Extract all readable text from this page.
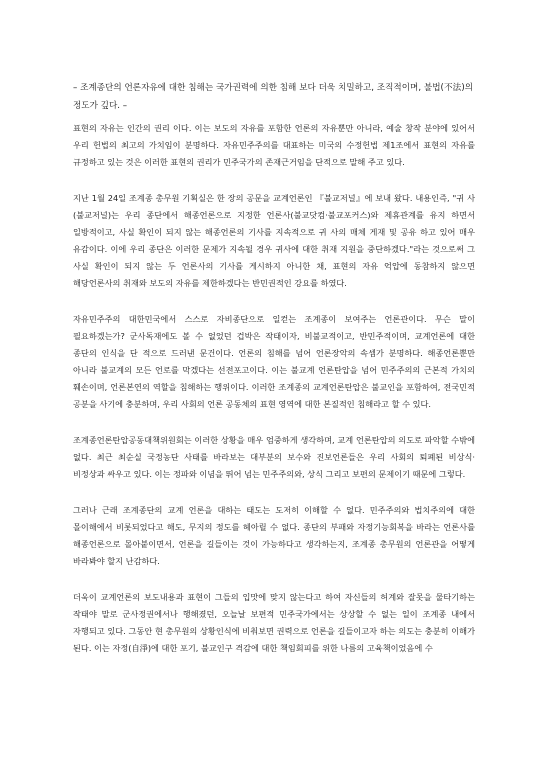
– 조계종단의 언론자유에 대한 침해는 국가권력에 의한 침해 보다 더욱 치밀하고, 조직적이며, 불법(不法)의 정도가 깊다. –

표현의 자유는 인간의 권리 이다. 이는 보도의 자유를 포함한 언론의 자유뿐만 아니라, 예술 창작 분야에 있어서 우리 헌법의 최고의 가치임이 분명하다. 자유민주주의를 대표하는 미국의 수정헌법 제1조에서 표현의 자유를 규정하고 있는 것은 이러한 표현의 권리가 민주국가의 존재근거임을 단적으로 말해 주고 있다.

지난 1월 24일 조계종 총무원 기획실은 한 장의 공문을 교계언론인 『불교저널』에 보내 왔다. 내용인즉, "귀 사(불교저널)는 우리 종단에서 해종언론으로 지정한 언론사(불교닷컴·불교포커스)와 제휴관계를 유지 하면서 일방적이고, 사실 확인이 되지 않는 해종언론의 기사를 지속적으로 귀 사의 매체 게재 및 공유 하고 있어 매우 유감이다. 이에 우리 종단은 이러한 문제가 지속될 경우 귀사에 대한 취재 지원을 중단하겠다."라는 것으로써 그 사실 확인이 되지 않는 두 언론사의 기사를 게시하지 아니한 채, 표현의 자유 억압에 동참하지 않으면 해당언론사의 취재와 보도의 자유를 제한하겠다는 반민권적인 강요를 하였다.

자유민주주의 대한민국에서 스스로 자비종단으로 일컫는 조계종이 보여주는 언론관이다. 무슨 말이 필요하겠는가? 군사독재에도 볼 수 없었던 겁박은 작태이자, 비불교적이고, 반민주적이며, 교계언론에 대한 종단의 인식을 단 적으로 드러낸 문건이다. 언론의 침해를 넘어 언론장악의 속셈가 분명하다. 해종언론뿐만 아니라 불교계의 모든 언로를 막겠다는 선전포고이다. 이는 불교계 언론탄압을 넘어 민주주의의 근본적 가치의 훼손이며, 언론본연의 역할을 침해하는 행위이다. 이러한 조계종의 교계언론탄압은 불교인을 포함하여, 전국민적 공분을 사기에 충분하며, 우리 사회의 언론 공동체의 표현 영역에 대한 본질적인 침해라고 할 수 있다.

조계종언론탄압공동대책위원회는 이러한 상황을 매우 엄중하게 생각하며, 교계 언론탄압의 의도로 파악할 수밖에 없다. 최근 최순실 국정농단 사태를 바라보는 대부분의 보수와 진보언론들은 우리 사회의 퇴폐된 비상식· 비정상과 싸우고 있다. 이는 정파와 이념을 뛰어 넘는 민주주의와, 상식 그리고 보편의 문제이기 때문에 그렇다.

그러나 근래 조계종단의 교계 언론을 대하는 태도는 도저히 이해할 수 없다. 민주주의와 법치주의에 대한 몰이해에서 비롯되었다고 해도, 무지의 정도를 헤아릴 수 없다. 종단의 부패와 자정기능회복을 바라는 언론사를 해종언론으로 몰아붙이면서, 언론을 길들이는 것이 가능하다고 생각하는지, 조계종 총무원의 언론관을 어떻게 바라봐야 할지 난감하다.

더욱이 교계언론의 보도내용과 표현이 그들의 입맛에 맞지 않는다고 하여 자신들의 허계와 잘못을 물타기하는 작태야 말로 군사정권에서나 행해졌던, 오늘날 보편적 민주국가에서는 상상할 수 없는 일이 조계종 내에서 자행되고 있다. 그동안 현 총무원의 상황인식에 비춰보면 권력으로 언론을 길들이고자 하는 의도는 충분히 이해가 된다. 이는 자정(自淨)에 대한 포기, 불교인구 격감에 대한 책임회피를 위한 나름의 고육책이었음에 수
